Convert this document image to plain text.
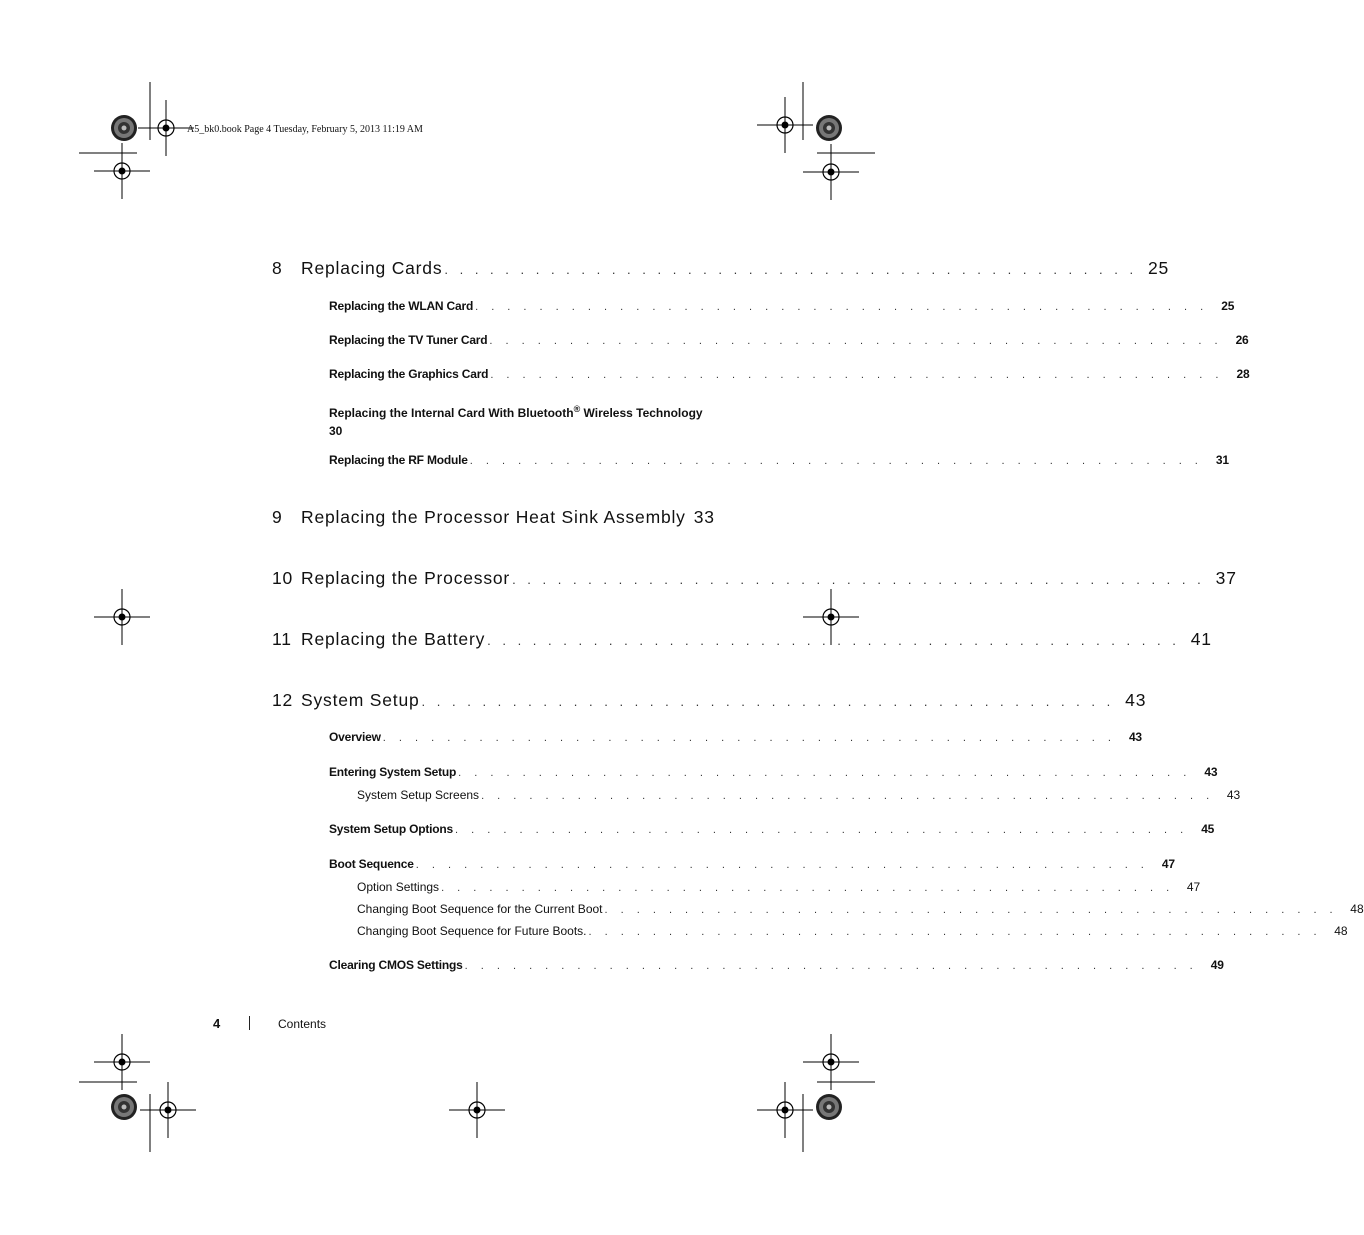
A5_bk0.book Page 4 Tuesday, February 5, 2013 11:19 AM
8	Replacing Cards . . . . . . . . . . . . . . . . . . . . . . . . . . . . . . . . . . . . . . . . . . . . . . 25
Replacing the WLAN Card . . . . . . . . . . . . . . . . . . . . . . . . . . . . . . . . . . . . . . . . . . . . . .	25
Replacing the TV Tuner Card . . . . . . . . . . . . . . . . . . . . . . . . . . . . . . . . . . . . . . . . . . . . . .	26
Replacing the Graphics Card . . . . . . . . . . . . . . . . . . . . . . . . . . . . . . . . . . . . . . . . . . . . . .	28
Replacing the Internal Card With Bluetooth® Wireless Technology
30
Replacing the RF Module . . . . . . . . . . . . . . . . . . . . . . . . . . . . . . . . . . . . . . . . . . . . . .	31
9	Replacing the Processor Heat Sink Assembly 33
10 Replacing the Processor . . . . . . . . . . . . . . . . . . . . . . . . . . . . . . . . . . . . . . . . . . . . . . 37
11 Replacing the Battery . . . . . . . . . . . . . . . . . . . . . . . . . . . . . . . . . . . . . . . . . . . . . . 41
12 System Setup . . . . . . . . . . . . . . . . . . . . . . . . . . . . . . . . . . . . . . . . . . . . . . 43
Overview . . . . . . . . . . . . . . . . . . . . . . . . . . . . . . . . . . . . . . . . . . . . . .	43
Entering System Setup . . . . . . . . . . . . . . . . . . . . . . . . . . . . . . . . . . . . . . . . . . . . . .	43
System Setup Screens . . . . . . . . . . . . . . . . . . . . . . . . . . . . . . . . . . . . . . . . . . . . . .	43
System Setup Options . . . . . . . . . . . . . . . . . . . . . . . . . . . . . . . . . . . . . . . . . . . . . .	45
Boot Sequence . . . . . . . . . . . . . . . . . . . . . . . . . . . . . . . . . . . . . . . . . . . . . .	47
Option Settings . . . . . . . . . . . . . . . . . . . . . . . . . . . . . . . . . . . . . . . . . . . . . .	47
Changing Boot Sequence for the Current Boot . . . . . . . . . . . . . . . . . . . . . . . . . . . . . . . . . . . . . . . . . . . . . .	48
Changing Boot Sequence for Future Boots. . . . . . . . . . . . . . . . . . . . . . . . . . . . . . . . . . . . . . . . . . . . . . .	48
Clearing CMOS Settings . . . . . . . . . . . . . . . . . . . . . . . . . . . . . . . . . . . . . . . . . . . . . .	49
4	Contents
